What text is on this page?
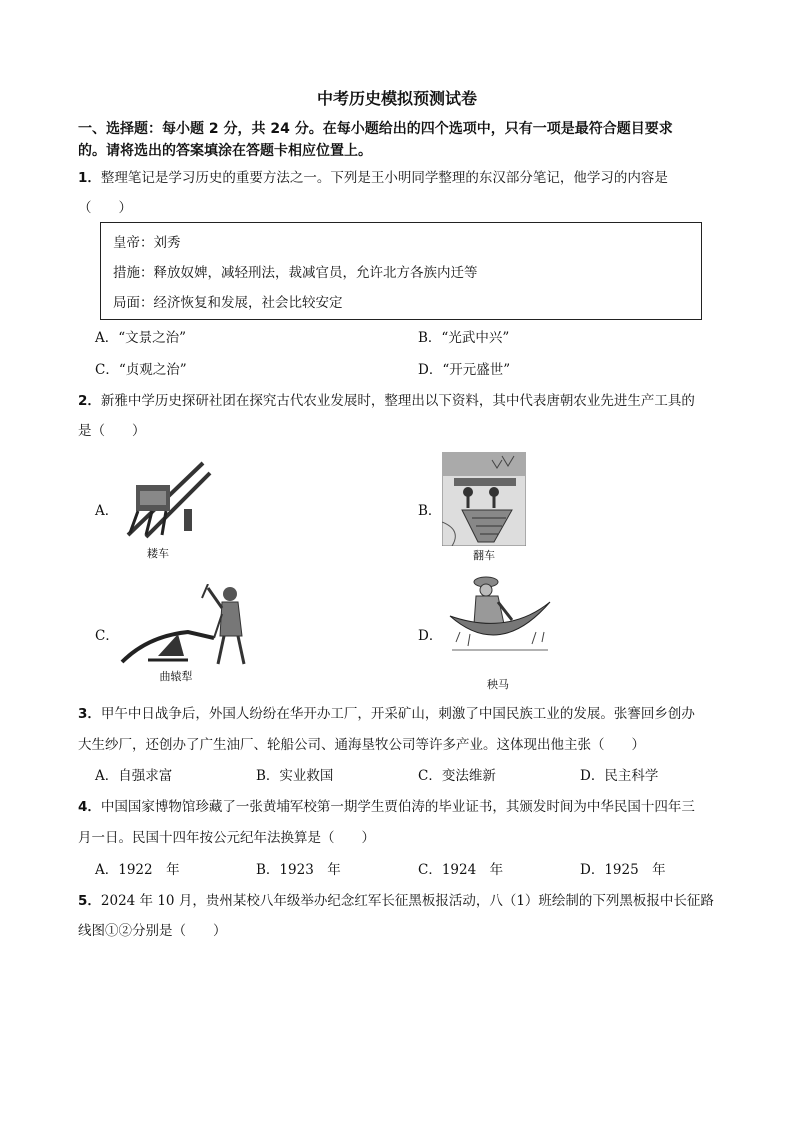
中考历史模拟预测试卷
一、选择题：每小题 2 分，共 24 分。在每小题给出的四个选项中，只有一项是最符合题目要求
的。请将选出的答案填涂在答题卡相应位置上。
1．整理笔记是学习历史的重要方法之一。下列是王小明同学整理的东汉部分笔记，他学习的内容是
（　　）
皇帝：刘秀
措施：释放奴婢，减轻刑法，裁减官员，允许北方各族内迁等
局面：经济恢复和发展，社会比较安定
A．“文景之治”	B．“光武中兴”
C．“贞观之治”	D．“开元盛世”
2．新雅中学历史探研社团在探究古代农业发展时，整理出以下资料，其中代表唐朝农业先进生产工具的
是（　　）
A．
耧车
B．
翻车
C．
曲辕犁
D．
秧马
3．甲午中日战争后，外国人纷纷在华开办工厂，开采矿山，刺激了中国民族工业的发展。张謇回乡创办
大生纱厂，还创办了广生油厂、轮船公司、通海垦牧公司等许多产业。这体现出他主张（　　）
A．自强求富	B．实业救国	C．变法维新	D．民主科学
4．中国国家博物馆珍藏了一张黄埔军校第一期学生贾伯涛的毕业证书，其颁发时间为中华民国十四年三
月一日。民国十四年按公元纪年法换算是（　　）
A．1922　年	B．1923　年	C．1924　年	D．1925　年
5．2024 年 10 月，贵州某校八年级举办纪念红军长征黑板报活动，八（1）班绘制的下列黑板报中长征路
线图①②分别是（　　）
